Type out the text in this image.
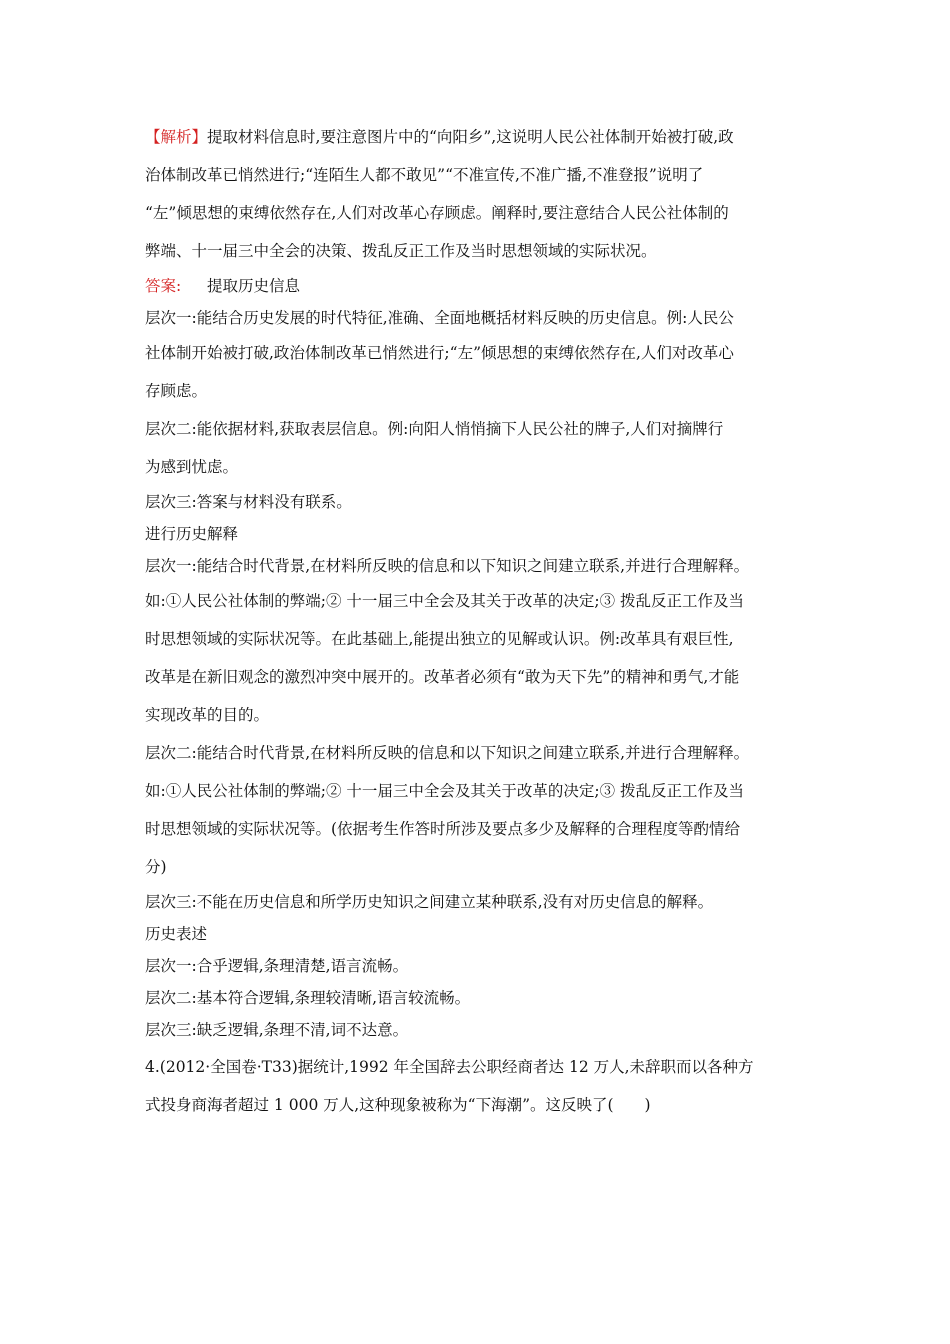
【解析】提取材料信息时,要注意图片中的“向阳乡”,这说明人民公社体制开始被打破,政
治体制改革已悄然进行;“连陌生人都不敢见”“不准宣传,不准广播,不准登报”说明了
“左”倾思想的束缚依然存在,人们对改革心存顾虑。阐释时,要注意结合人民公社体制的
弊端、十一届三中全会的决策、拨乱反正工作及当时思想领域的实际状况。
答案:	提取历史信息
层次一:能结合历史发展的时代特征,准确、全面地概括材料反映的历史信息。例:人民公
社体制开始被打破,政治体制改革已悄然进行;“左”倾思想的束缚依然存在,人们对改革心
存顾虑。
层次二:能依据材料,获取表层信息。例:向阳人悄悄摘下人民公社的牌子,人们对摘牌行
为感到忧虑。
层次三:答案与材料没有联系。
进行历史解释
层次一:能结合时代背景,在材料所反映的信息和以下知识之间建立联系,并进行合理解释。
如:①人民公社体制的弊端;② 十一届三中全会及其关于改革的决定;③ 拨乱反正工作及当
时思想领域的实际状况等。在此基础上,能提出独立的见解或认识。例:改革具有艰巨性,
改革是在新旧观念的激烈冲突中展开的。改革者必须有“敢为天下先”的精神和勇气,才能
实现改革的目的。
层次二:能结合时代背景,在材料所反映的信息和以下知识之间建立联系,并进行合理解释。
如:①人民公社体制的弊端;② 十一届三中全会及其关于改革的决定;③ 拨乱反正工作及当
时思想领域的实际状况等。(依据考生作答时所涉及要点多少及解释的合理程度等酌情给
分)
层次三:不能在历史信息和所学历史知识之间建立某种联系,没有对历史信息的解释。
历史表述
层次一:合乎逻辑,条理清楚,语言流畅。
层次二:基本符合逻辑,条理较清晰,语言较流畅。
层次三:缺乏逻辑,条理不清,词不达意。
4.(2012·全国卷·T33)据统计,1992 年全国辞去公职经商者达 12 万人,未辞职而以各种方
式投身商海者超过 1 000 万人,这种现象被称为“下海潮”。这反映了(　　)
